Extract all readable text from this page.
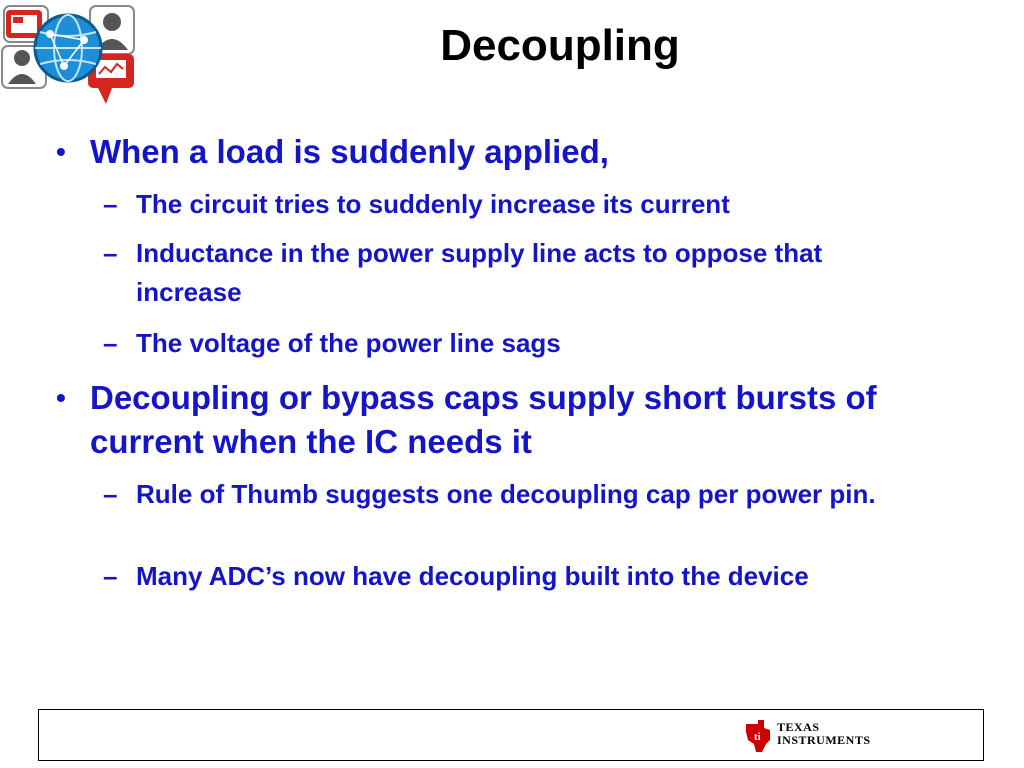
Decoupling
• When a load is suddenly applied,
– The circuit tries to suddenly increase its current
– Inductance in the power supply line acts to oppose that increase
– The voltage of the power line sags
• Decoupling or bypass caps supply short bursts of current when the IC needs it
– Rule of Thumb suggests one decoupling cap per power pin.
– Many ADC’s now have decoupling built into the device
ti
TEXAS
INSTRUMENTS
